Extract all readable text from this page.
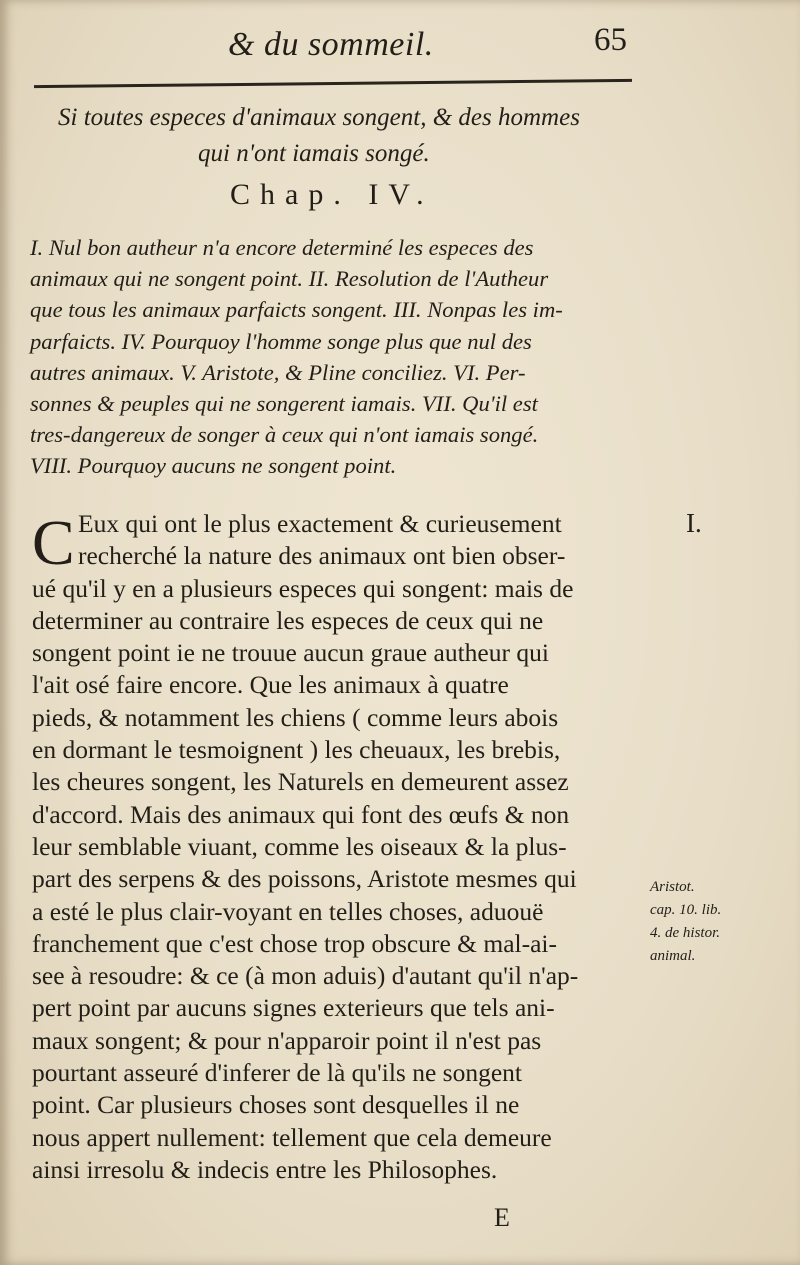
& du sommeil.	65
Si toutes especes d'animaux songent, & des hommes
qui n'ont iamais songé.
Chap. IV.
I. Nul bon autheur n'a encore determiné les especes des
animaux qui ne songent point. II. Resolution de l'Autheur
que tous les animaux parfaicts songent. III. Nonpas les im-
parfaicts. IV. Pourquoy l'homme songe plus que nul des
autres animaux. V. Aristote, & Pline conciliez. VI. Per-
sonnes & peuples qui ne songerent iamais. VII. Qu'il est
tres-dangereux de songer à ceux qui n'ont iamais songé.
VIII. Pourquoy aucuns ne songent point.
C Eux qui ont le plus exactement & curieusement
recherché la nature des animaux ont bien obser-
ué qu'il y en a plusieurs especes qui songent: mais de
determiner au contraire les especes de ceux qui ne
songent point ie ne trouue aucun graue autheur qui
l'ait osé faire encore. Que les animaux à quatre
pieds, & notamment les chiens ( comme leurs abois
en dormant le tesmoignent ) les cheuaux, les brebis,
les cheures songent, les Naturels en demeurent assez
d'accord. Mais des animaux qui font des œufs & non
leur semblable viuant, comme les oiseaux & la plus-
part des serpens & des poissons, Aristote mesmes qui
a esté le plus clair-voyant en telles choses, aduouë
franchement que c'est chose trop obscure & mal-ai-
see à resoudre: & ce (à mon aduis) d'autant qu'il n'ap-
pert point par aucuns signes exterieurs que tels ani-
maux songent; & pour n'apparoir point il n'est pas
pourtant asseuré d'inferer de là qu'ils ne songent
point. Car plusieurs choses sont desquelles il ne
nous appert nullement: tellement que cela demeure
ainsi irresolu & indecis entre les Philosophes.
I.
Aristot.
cap. 10. lib.
4. de histor.
animal.
E
